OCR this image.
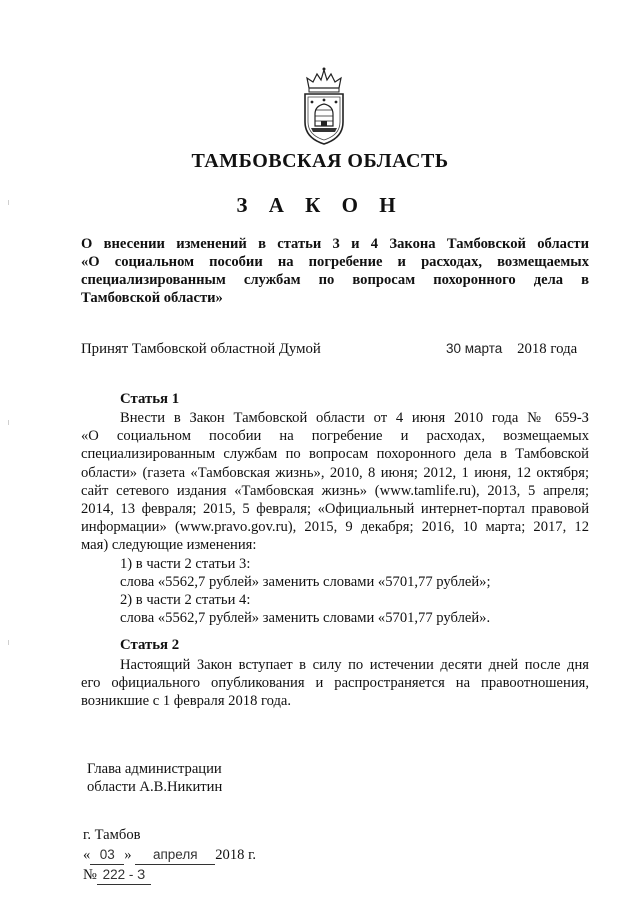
ТАМБОВСКАЯ ОБЛАСТЬ
З А К О Н
О внесении изменений в статьи 3 и 4 Закона Тамбовской области
«О социальном пособии на погребение и расходах, возмещаемых
специализированным службам по вопросам похоронного дела в
Тамбовской области»
Принят Тамбовской областной Думой	30 марта 2018 года
Статья 1
Внести в Закон Тамбовской области от 4 июня 2010 года № 659-З
«О социальном пособии на погребение и расходах, возмещаемых
специализированным службам по вопросам похоронного дела в Тамбовской
области» (газета «Тамбовская жизнь», 2010, 8 июня; 2012, 1 июня, 12 октября;
сайт сетевого издания «Тамбовская жизнь» (www.tamlife.ru), 2013, 5 апреля;
2014, 13 февраля; 2015, 5 февраля; «Официальный интернет-портал правовой
информации» (www.pravo.gov.ru), 2015, 9 декабря; 2016, 10 марта; 2017, 12
мая) следующие изменения:
1) в части 2 статьи 3:
слова «5562,7 рублей» заменить словами «5701,77 рублей»;
2) в части 2 статьи 4:
слова «5562,7 рублей» заменить словами «5701,77 рублей».
Статья 2
Настоящий Закон вступает в силу по истечении десяти дней после дня
его официального опубликования и распространяется на правоотношения,
возникшие с 1 февраля 2018 года.
Глава администрации
области А.В.Никитин
г. Тамбов
« 03 » апреля 2018 г.
№ 222 - З
